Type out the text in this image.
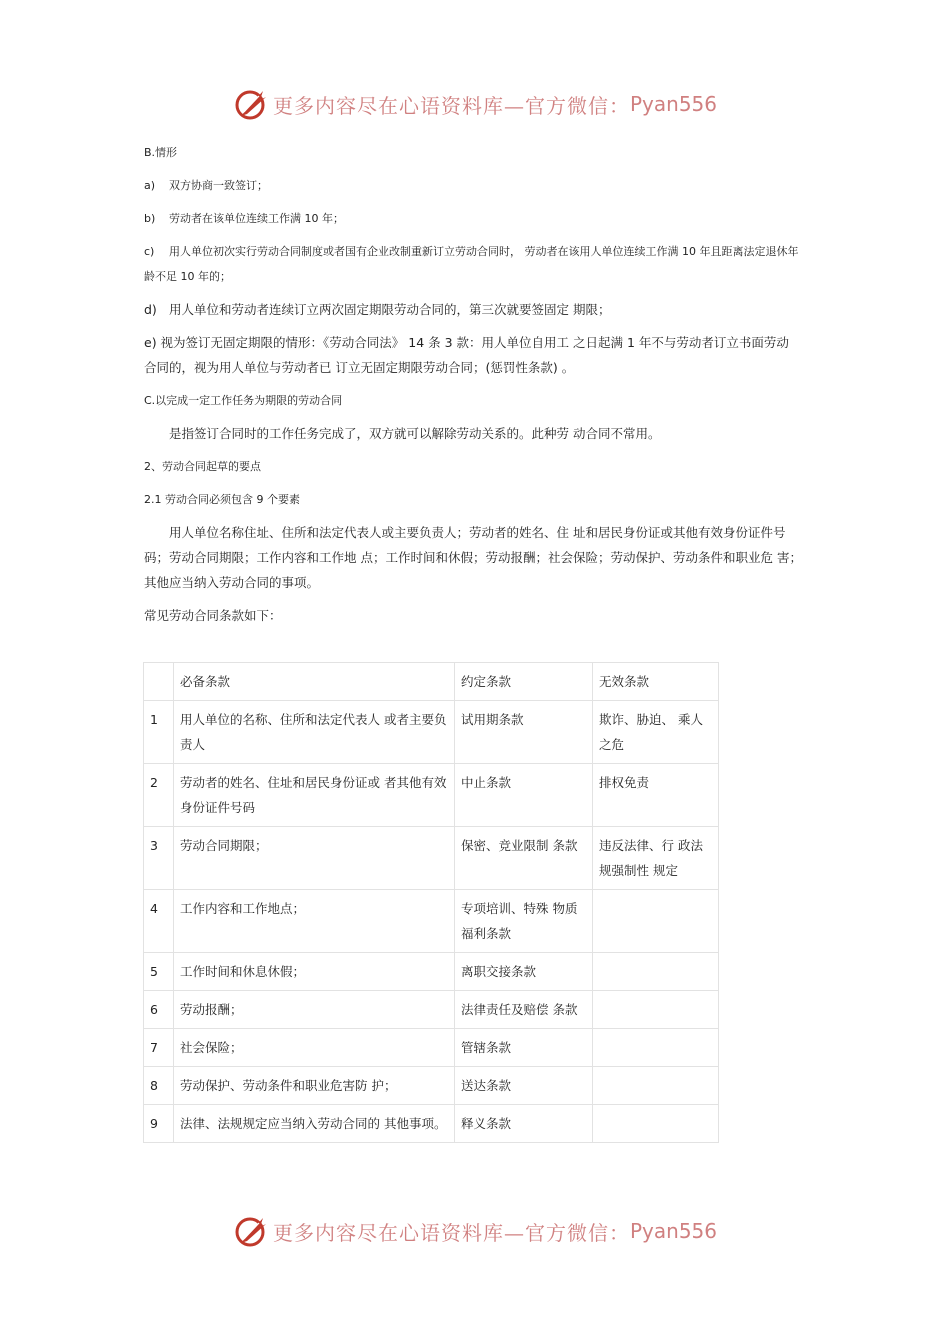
更多内容尽在心语资料库—官方微信： Pyan556

B.情形

a) 双方协商一致签订；

b) 劳动者在该单位连续工作满 10 年；

c) 用人单位初次实行劳动合同制度或者国有企业改制重新订立劳动合同时， 劳动者在该用人单位连续工作满 10 年且距离法定退休年

龄不足 10 年的；

d) 用人单位和劳动者连续订立两次固定期限劳动合同的，第三次就要签固定 期限；

e) 视为签订无固定期限的情形：《劳动合同法》 14 条 3 款：用人单位自用工 之日起满 1 年不与劳动者订立书面劳动

合同的，视为用人单位与劳动者已 订立无固定期限劳动合同；(惩罚性条款) 。

C.以完成一定工作任务为期限的劳动合同

是指签订合同时的工作任务完成了，双方就可以解除劳动关系的。此种劳 动合同不常用。

2、劳动合同起草的要点

2.1 劳动合同必须包含 9 个要素

用人单位名称住址、住所和法定代表人或主要负责人；劳动者的姓名、住 址和居民身份证或其他有效身份证件号

码；劳动合同期限；工作内容和工作地 点；工作时间和休假；劳动报酬；社会保险；劳动保护、劳动条件和职业危 害；

其他应当纳入劳动合同的事项。

常见劳动合同条款如下：

	必备条款	约定条款	无效条款
1	用人单位的名称、住所和法定代表人 或者主要负责人	试用期条款	欺诈、胁迫、 乘人之危
2	劳动者的姓名、住址和居民身份证或 者其他有效身份证件号码	中止条款	排权免责
3	劳动合同期限；	保密、竞业限制 条款	违反法律、行 政法规强制性 规定
4	工作内容和工作地点；	专项培训、特殊 物质福利条款	
5	工作时间和休息休假；	离职交接条款	
6	劳动报酬；	法律责任及赔偿 条款	
7	社会保险；	管辖条款	
8	劳动保护、劳动条件和职业危害防 护；	送达条款	
9	法律、法规规定应当纳入劳动合同的 其他事项。	释义条款	
更多内容尽在心语资料库—官方微信： Pyan556
